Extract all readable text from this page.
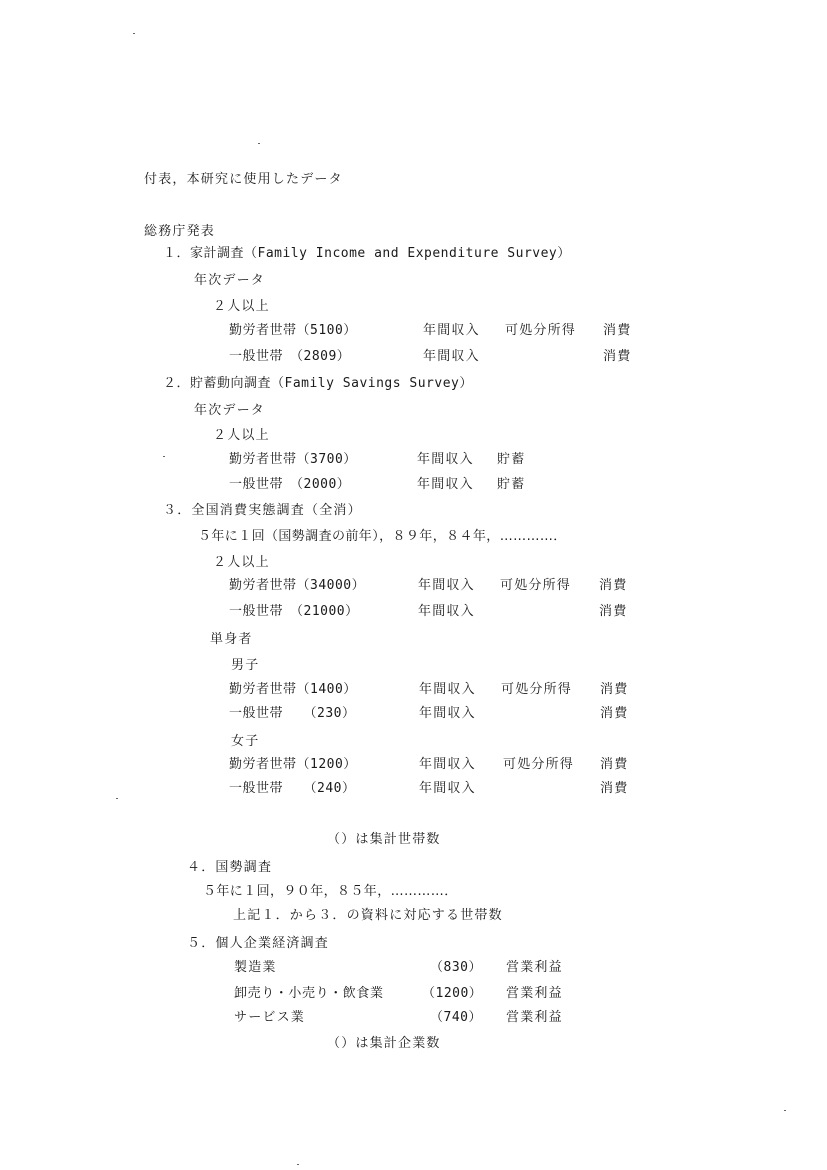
付表，本研究に使用したデータ
総務庁発表
１．家計調査（Family Income and Expenditure Survey）
年次データ
２人以上
勤労者世帯（5100）	年間収入 可処分所得 消費
一般世帯　（2809）	年間収入	消費
２．貯蓄動向調査（Family Savings Survey）
年次データ
２人以上
勤労者世帯（3700）	年間収入 貯蓄
一般世帯　（2000）	年間収入 貯蓄
３．全国消費実態調査（全消）
５年に１回（国勢調査の前年），８９年，８４年，…………．
２人以上
勤労者世帯（34000）	年間収入 可処分所得 消費
一般世帯　（21000）	年間収入	消費
単身者
男子
勤労者世帯（1400）	年間収入 可処分所得 消費
一般世帯　　（230）	年間収入	消費
女子
勤労者世帯（1200）	年間収入 可処分所得 消費
一般世帯　　（240）	年間収入	消費
（）は集計世帯数
４．国勢調査
５年に１回，９０年，８５年，…………．
上記１．から３．の資料に対応する世帯数
５．個人企業経済調査
製造業	（830） 営業利益
卸売り・小売り・飲食業	（1200） 営業利益
サービス業	（740） 営業利益
（）は集計企業数
